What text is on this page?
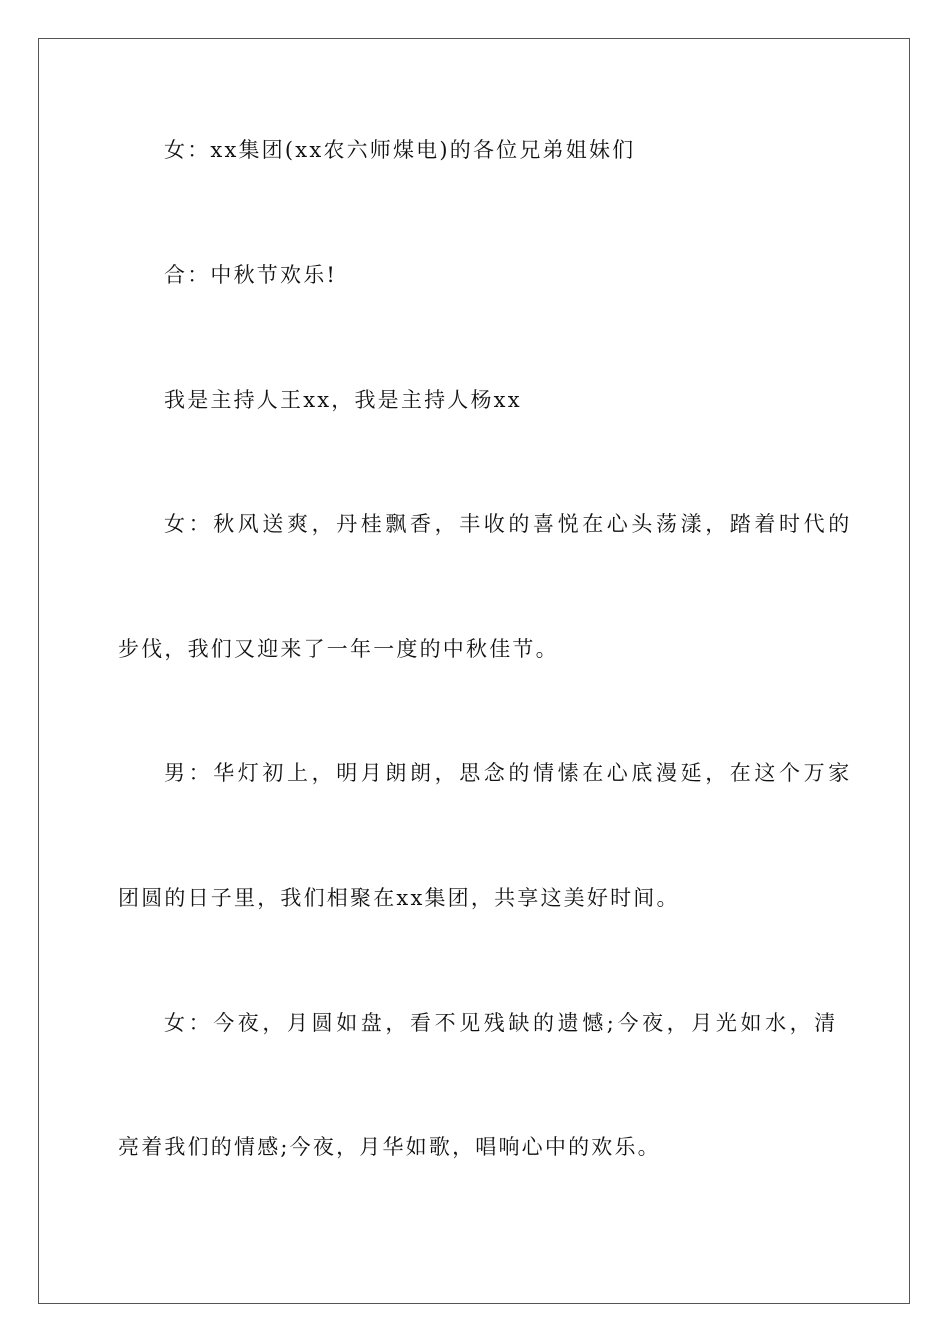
女：xx集团(xx农六师煤电)的各位兄弟姐妹们
合：中秋节欢乐!
我是主持人王xx，我是主持人杨xx
女：秋风送爽，丹桂飘香，丰收的喜悦在心头荡漾，踏着时代的
步伐，我们又迎来了一年一度的中秋佳节。
男：华灯初上，明月朗朗，思念的情愫在心底漫延，在这个万家
团圆的日子里，我们相聚在xx集团，共享这美好时间。
女：今夜，月圆如盘，看不见残缺的遗憾;今夜，月光如水，清
亮着我们的情感;今夜，月华如歌，唱响心中的欢乐。
